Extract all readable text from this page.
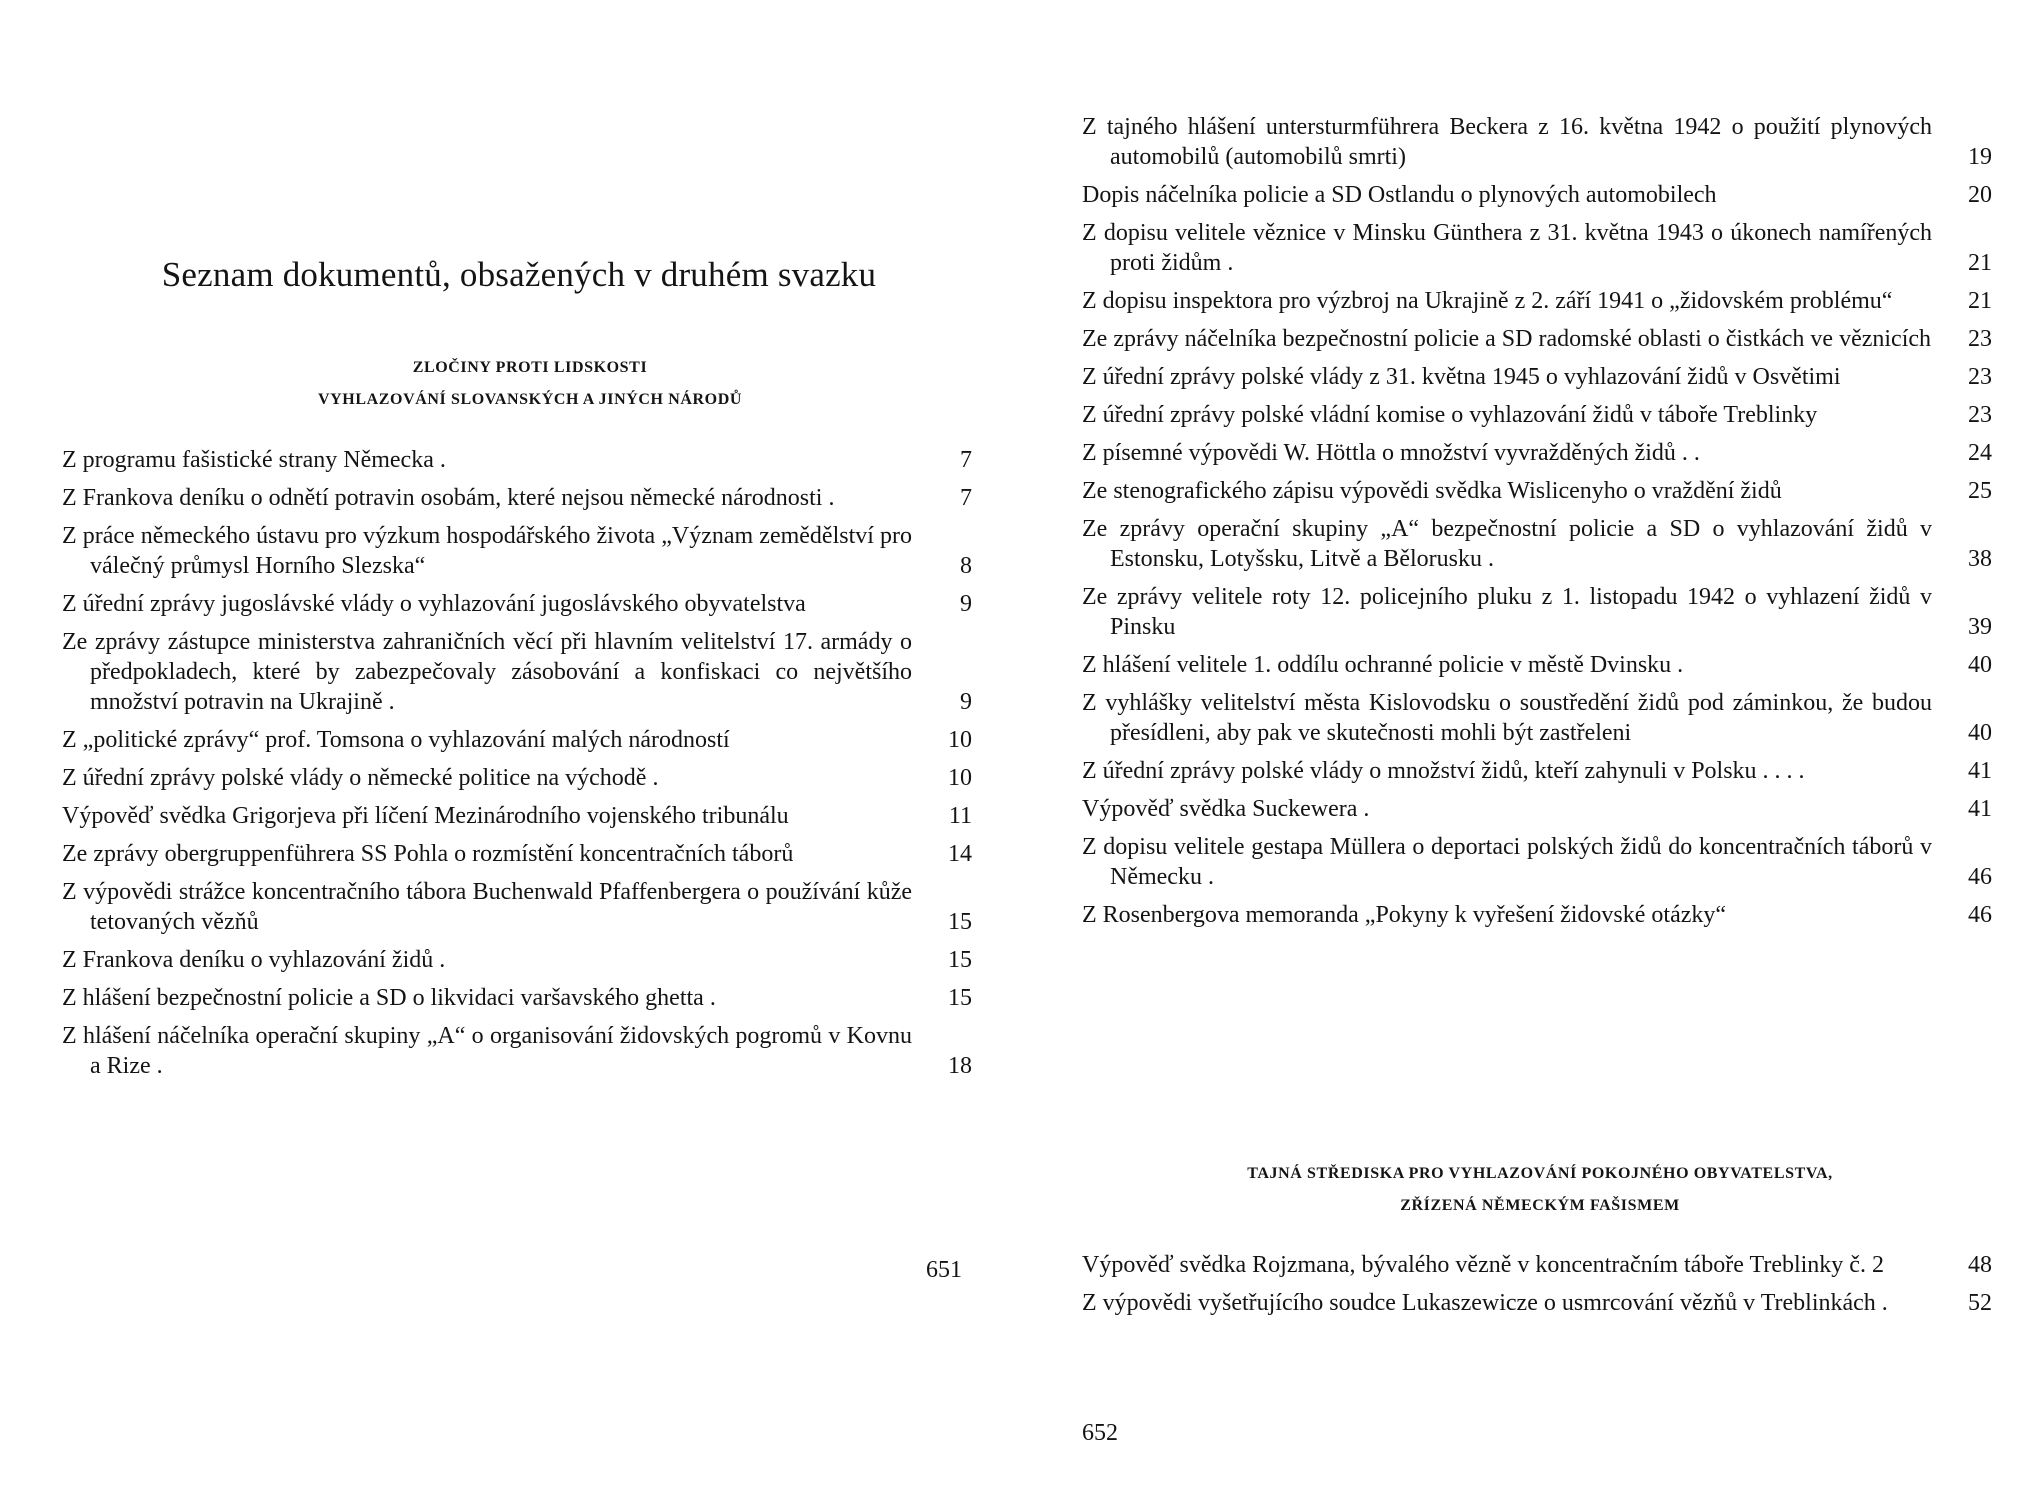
Seznam dokumentů, obsažených v druhém svazku
ZLOČINY PROTI LIDSKOSTI
VYHLAZOVÁNÍ SLOVANSKÝCH A JINÝCH NÁRODŮ
Z programu fašistické strany Německa .	7
Z Frankova deníku o odnětí potravin osobám, které nejsou německé národnosti .	7
Z práce německého ústavu pro výzkum hospodářského života „Význam zemědělství pro válečný průmysl Horního Slezska“	8
Z úřední zprávy jugoslávské vlády o vyhlazování jugoslávského obyvatelstva	9
Ze zprávy zástupce ministerstva zahraničních věcí při hlavním velitelství 17. armády o předpokladech, které by zabezpečovaly zásobování a konfiskaci co největšího množství potravin na Ukrajině .	9
Z „politické zprávy“ prof. Tomsona o vyhlazování malých národností	10
Z úřední zprávy polské vlády o německé politice na východě .	10
Výpověď svědka Grigorjeva při líčení Mezinárodního vojenského tribunálu	11
Ze zprávy obergruppenführera SS Pohla o rozmístění koncentračních táborů	14
Z výpovědi strážce koncentračního tábora Buchenwald Pfaffenbergera o používání kůže tetovaných vězňů	15
Z Frankova deníku o vyhlazování židů .	15
Z hlášení bezpečnostní policie a SD o likvidaci varšavského ghetta .	15
Z hlášení náčelníka operační skupiny „A“ o organisování židovských pogromů v Kovnu a Rize .	18
651
Z tajného hlášení untersturmführera Beckera z 16. května 1942 o použití plynových automobilů (automobilů smrti)	19
Dopis náčelníka policie a SD Ostlandu o plynových automobilech	20
Z dopisu velitele věznice v Minsku Günthera z 31. května 1943 o úkonech namířených proti židům .	21
Z dopisu inspektora pro výzbroj na Ukrajině z 2. září 1941 o „židovském problému“	21
Ze zprávy náčelníka bezpečnostní policie a SD radomské oblasti o čistkách ve věznicích	23
Z úřední zprávy polské vlády z 31. května 1945 o vyhlazování židů v Osvětimi	23
Z úřední zprávy polské vládní komise o vyhlazování židů v táboře Treblinky	23
Z písemné výpovědi W. Höttla o množství vyvražděných židů . .	24
Ze stenografického zápisu výpovědi svědka Wislicenyho o vraždění židů	25
Ze zprávy operační skupiny „A“ bezpečnostní policie a SD o vyhlazování židů v Estonsku, Lotyšsku, Litvě a Bělorusku .	38
Ze zprávy velitele roty 12. policejního pluku z 1. listopadu 1942 o vyhlazení židů v Pinsku	39
Z hlášení velitele 1. oddílu ochranné policie v městě Dvinsku .	40
Z vyhlášky velitelství města Kislovodsku o soustředění židů pod záminkou, že budou přesídleni, aby pak ve skutečnosti mohli být zastřeleni	40
Z úřední zprávy polské vlády o množství židů, kteří zahynuli v Polsku . . . .	41
Výpověď svědka Suckewera .	41
Z dopisu velitele gestapa Müllera o deportaci polských židů do koncentračních táborů v Německu .	46
Z Rosenbergova memoranda „Pokyny k vyřešení židovské otázky“	46
TAJNÁ STŘEDISKA PRO VYHLAZOVÁNÍ POKOJNÉHO OBYVATELSTVA,
ZŘÍZENÁ NĚMECKÝM FAŠISMEM
Výpověď svědka Rojzmana, bývalého vězně v koncentračním táboře Treblinky č. 2	48
Z výpovědi vyšetřujícího soudce Lukaszewicze o usmrcování vězňů v Treblinkách .	52
652
